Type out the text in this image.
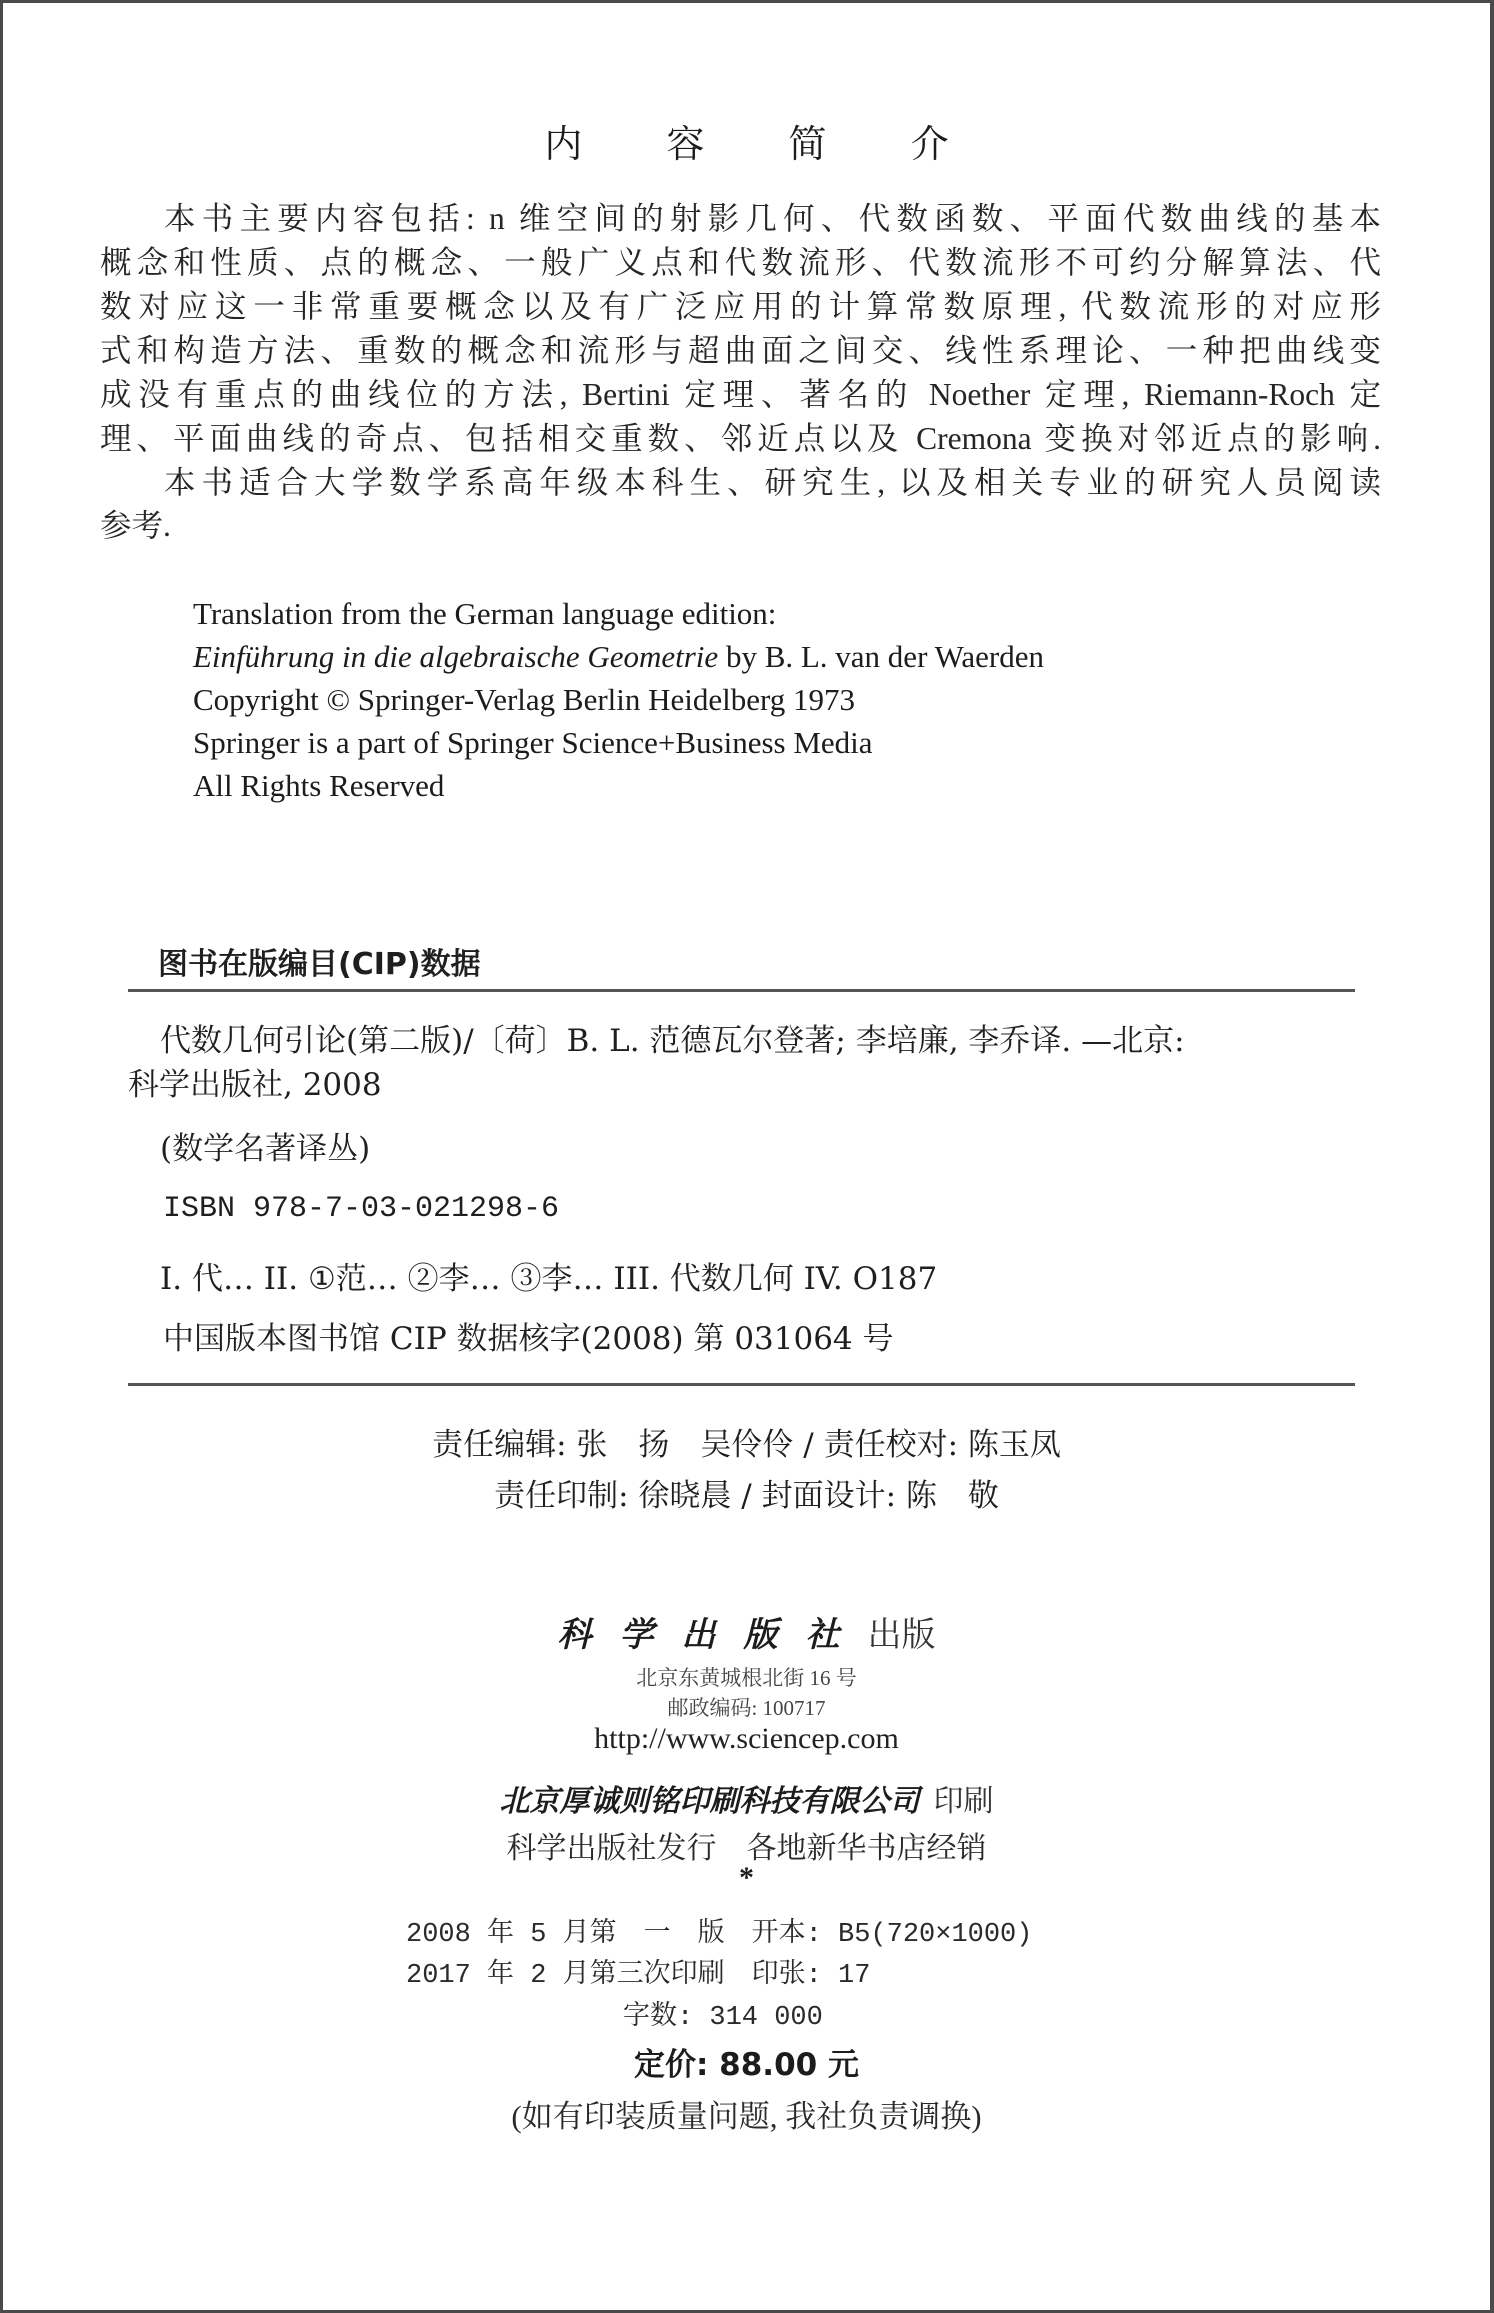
内 容 简 介
本书主要内容包括: n 维空间的射影几何、代数函数、平面代数曲线的基本
概念和性质、点的概念、一般广义点和代数流形、代数流形不可约分解算法、代
数对应这一非常重要概念以及有广泛应用的计算常数原理, 代数流形的对应形
式和构造方法、重数的概念和流形与超曲面之间交、线性系理论、一种把曲线变
成没有重点的曲线位的方法, Bertini 定理、著名的 Noether 定理, Riemann-Roch 定
理、平面曲线的奇点、包括相交重数、邻近点以及 Cremona 变换对邻近点的影响.
本书适合大学数学系高年级本科生、研究生, 以及相关专业的研究人员阅读
参考.
Translation from the German language edition:
Einführung in die algebraische Geometrie by B. L. van der Waerden
Copyright © Springer-Verlag Berlin Heidelberg 1973
Springer is a part of Springer Science+Business Media
All Rights Reserved
图书在版编目(CIP)数据
代数几何引论(第二版)/〔荷〕B. L. 范德瓦尔登著; 李培廉, 李乔译. —北京:
科学出版社, 2008
(数学名著译丛)
ISBN 978-7-03-021298-6
I. 代… II. ①范… ②李… ③李… III. 代数几何 IV. O187
中国版本图书馆 CIP 数据核字(2008) 第 031064 号
责任编辑: 张　扬　吴伶伶 / 责任校对: 陈玉凤
责任印制: 徐晓晨 / 封面设计: 陈　敬
科学出版社出版
北京东黄城根北街 16 号
邮政编码: 100717
http://www.sciencep.com
北京厚诚则铭印刷科技有限公司 印刷
科学出版社发行　各地新华书店经销
*
2008 年 5 月第　一　版　开本: B5(720×1000)
2017 年 2 月第三次印刷　印张: 17
字数: 314 000
定价: 88.00 元
(如有印装质量问题, 我社负责调换)
